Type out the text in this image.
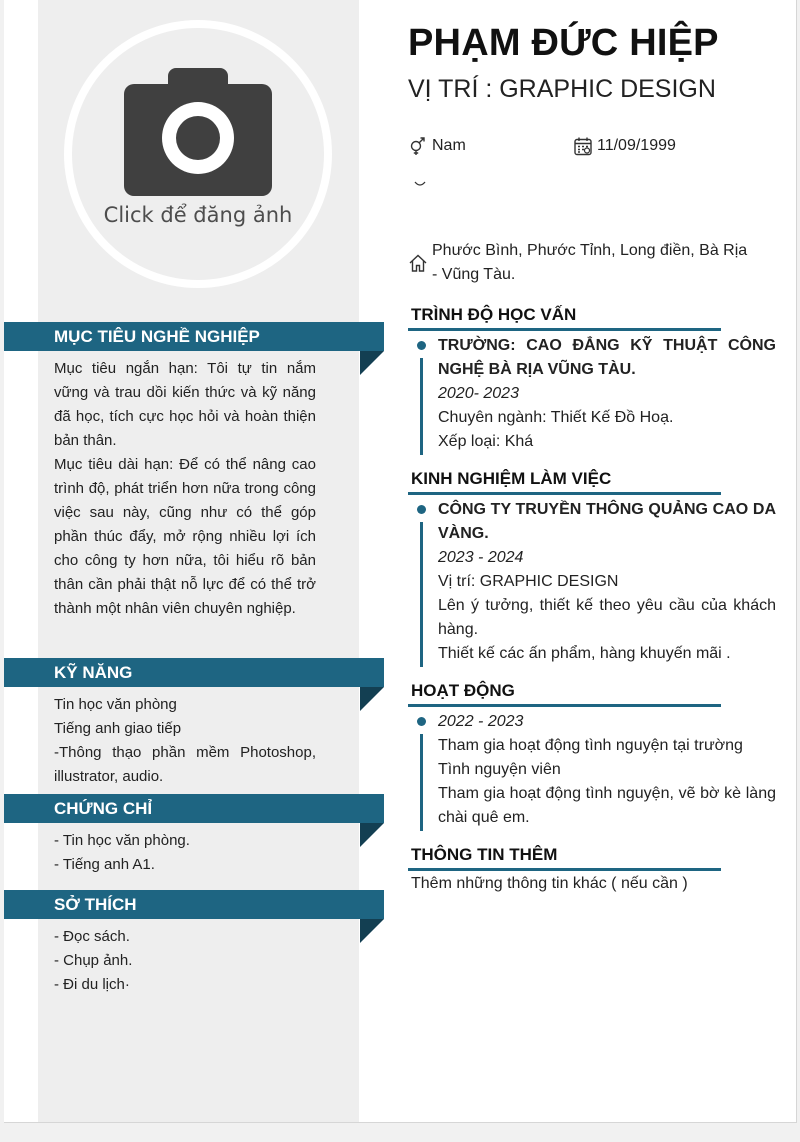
Click để đăng ảnh
MỤC TIÊU NGHỀ NGHIỆP

Mục tiêu ngắn hạn: Tôi tự tin nắm vững và trau dồi kiến thức và kỹ năng đã học, tích cực học hỏi và hoàn thiện bản thân.

Mục tiêu dài hạn: Để có thể nâng cao trình độ, phát triển hơn nữa trong công việc sau này, cũng như có thể góp phần thúc đẩy, mở rộng nhiều lợi ích cho công ty hơn nữa, tôi hiểu rõ bản thân cần phải thật nỗ lực để có thể trở thành một nhân viên chuyên nghiệp.

KỸ NĂNG

Tin học văn phòng

Tiếng anh giao tiếp

-Thông thạo phần mềm Photoshop, illustrator, audio.

CHỨNG CHỈ

- Tin học văn phòng.

- Tiếng anh A1.

SỞ THÍCH

- Đọc sách.

- Chụp ảnh.

- Đi du lịch·

PHẠM ĐỨC HIỆP
VỊ TRÍ : GRAPHIC DESIGN
Nam	11/09/1999
Phước Bình, Phước Tỉnh, Long điền, Bà Rịa - Vũng Tàu.
TRÌNH ĐỘ HỌC VẤN

TRƯỜNG: CAO ĐẲNG KỸ THUẬT CÔNG NGHỆ BÀ RỊA VŨNG TÀU.

2020- 2023

Chuyên ngành: Thiết Kế Đồ Hoạ.

Xếp loại: Khá

KINH NGHIỆM LÀM VIỆC

CÔNG TY TRUYỀN THÔNG QUẢNG CAO DA VÀNG.

2023 - 2024

Vị trí: GRAPHIC DESIGN

Lên ý tưởng, thiết kế theo yêu cầu của khách hàng.

Thiết kế các ấn phẩm, hàng khuyến mãi .

HOẠT ĐỘNG

2022 - 2023

Tham gia hoạt động tình nguyện tại trường

Tình nguyện viên

Tham gia hoạt động tình nguyện, vẽ bờ kè làng chài quê em.

THÔNG TIN THÊM
Thêm những thông tin khác ( nếu cần )
